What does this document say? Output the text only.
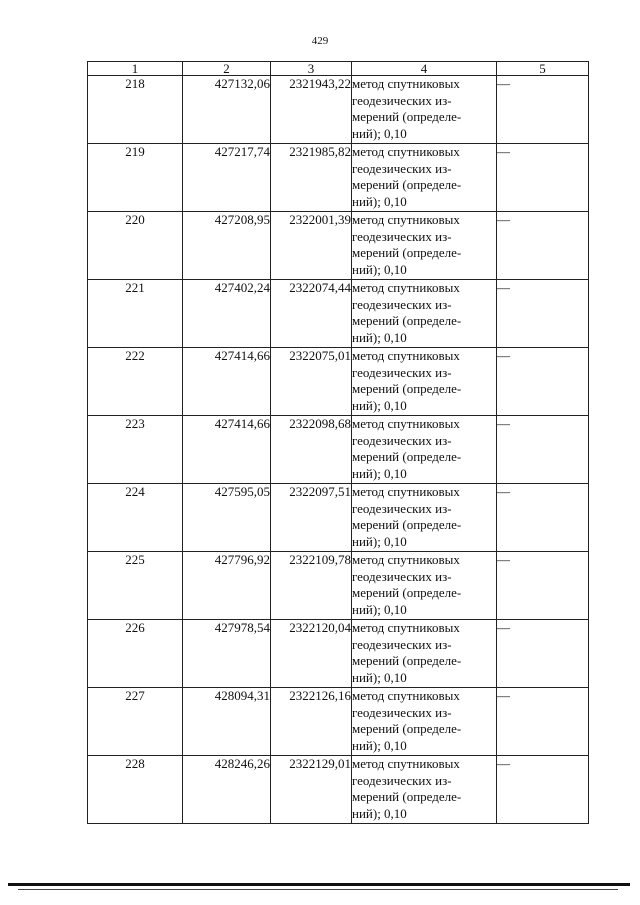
429
1	2	3	4	5
218	427132,06	2321943,22	метод спутниковых
геодезических из-
мерений (определе-
ний); 0,10	—
219	427217,74	2321985,82	метод спутниковых
геодезических из-
мерений (определе-
ний); 0,10	—
220	427208,95	2322001,39	метод спутниковых
геодезических из-
мерений (определе-
ний); 0,10	—
221	427402,24	2322074,44	метод спутниковых
геодезических из-
мерений (определе-
ний); 0,10	—
222	427414,66	2322075,01	метод спутниковых
геодезических из-
мерений (определе-
ний); 0,10	—
223	427414,66	2322098,68	метод спутниковых
геодезических из-
мерений (определе-
ний); 0,10	—
224	427595,05	2322097,51	метод спутниковых
геодезических из-
мерений (определе-
ний); 0,10	—
225	427796,92	2322109,78	метод спутниковых
геодезических из-
мерений (определе-
ний); 0,10	—
226	427978,54	2322120,04	метод спутниковых
геодезических из-
мерений (определе-
ний); 0,10	—
227	428094,31	2322126,16	метод спутниковых
геодезических из-
мерений (определе-
ний); 0,10	—
228	428246,26	2322129,01	метод спутниковых
геодезических из-
мерений (определе-
ний); 0,10	—
